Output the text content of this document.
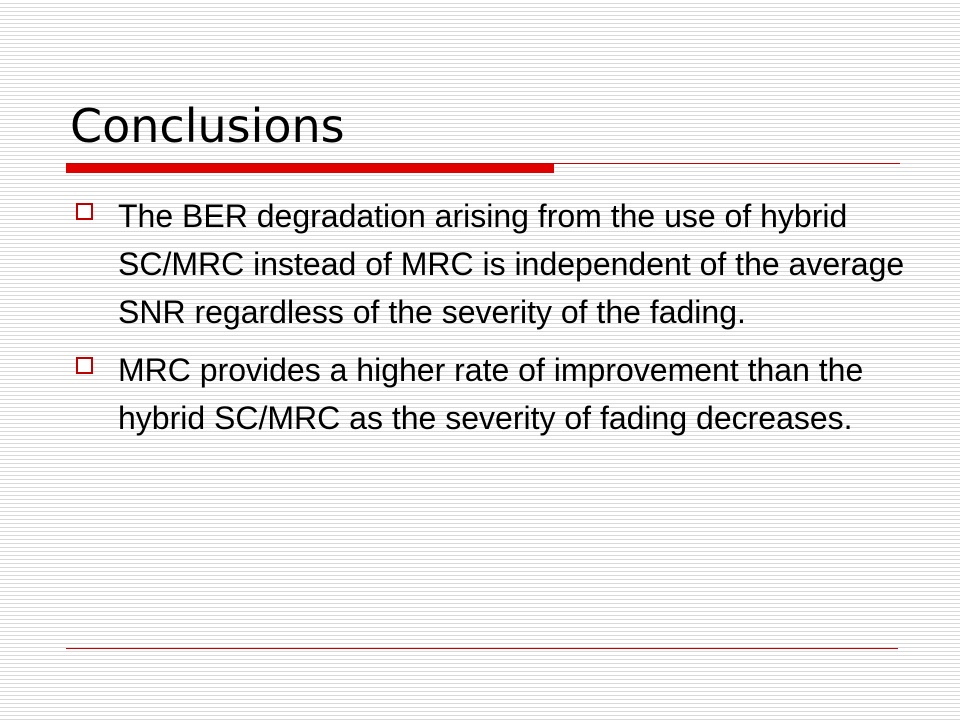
Conclusions
The BER degradation arising from the use of hybrid SC/MRC instead of MRC is independent of the average SNR regardless of the severity of the fading.
MRC provides a higher rate of improvement than the hybrid SC/MRC as the severity of fading decreases.
